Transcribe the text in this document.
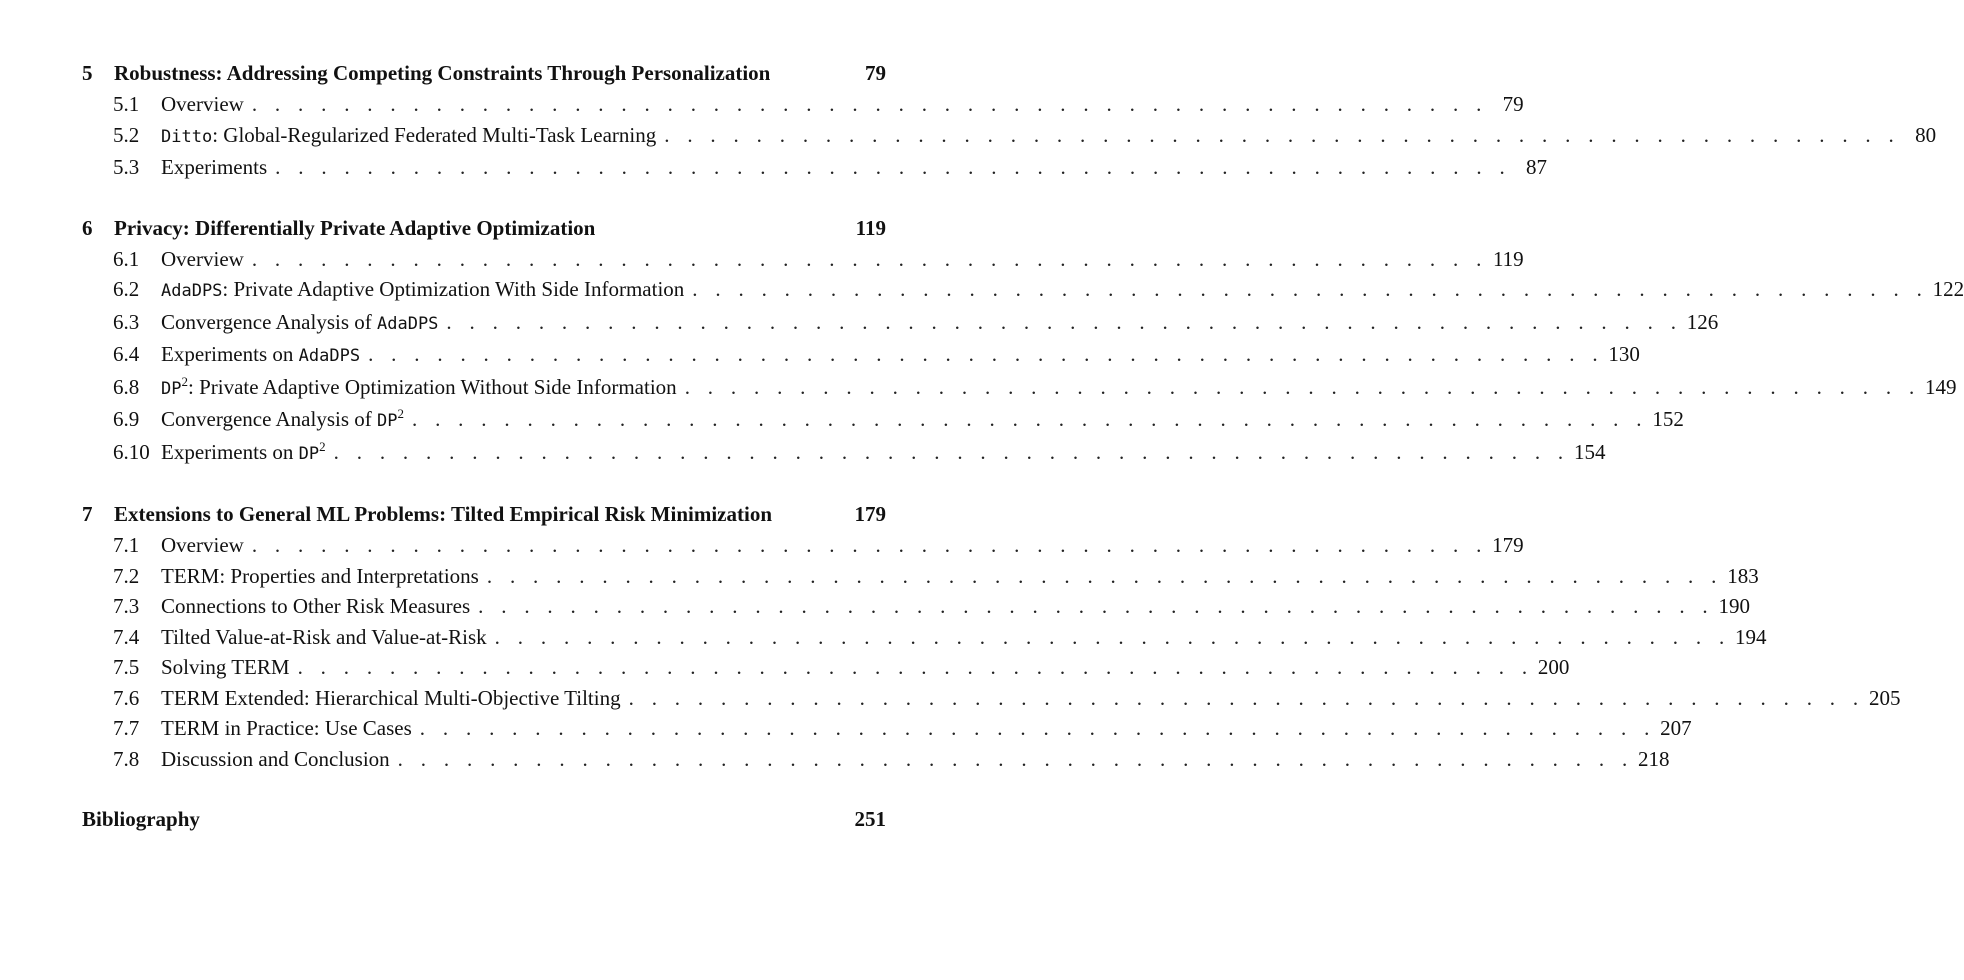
5	Robustness: Addressing Competing Constraints Through Personalization	79
5.1	Overview . . . . . . . . . . . . . . . . . . . . . . . . . . . . . . . . . . . . . . . . . . . . . . . . . . . . . . 79
5.2	Ditto: Global-Regularized Federated Multi-Task Learning . . . . . . . . . . . . . . . . . . . . . . . . . . . . . . . . . . . . . . . . . . . . . . . . . . . . . . 80
5.3	Experiments . . . . . . . . . . . . . . . . . . . . . . . . . . . . . . . . . . . . . . . . . . . . . . . . . . . . . . 87
6	Privacy: Differentially Private Adaptive Optimization	119
6.1	Overview . . . . . . . . . . . . . . . . . . . . . . . . . . . . . . . . . . . . . . . . . . . . . . . . . . . . . . 119
6.2	AdaDPS: Private Adaptive Optimization With Side Information . . . . . . . . . . . . . . . . . . . . . . . . . . . . . . . . . . . . . . . . . . . . . . . . . . . . . . 122
6.3	Convergence Analysis of AdaDPS . . . . . . . . . . . . . . . . . . . . . . . . . . . . . . . . . . . . . . . . . . . . . . . . . . . . . . 126
6.4	Experiments on AdaDPS . . . . . . . . . . . . . . . . . . . . . . . . . . . . . . . . . . . . . . . . . . . . . . . . . . . . . . 130
6.8	$DP^2$: Private Adaptive Optimization Without Side Information . . . . . . . . . . . . . . . . . . . . . . . . . . . . . . . . . . . . . . . . . . . . . . . . . . . . . . 149
6.9	Convergence Analysis of $DP^2$ . . . . . . . . . . . . . . . . . . . . . . . . . . . . . . . . . . . . . . . . . . . . . . . . . . . . . . 152
6.10 Experiments on $DP^2$ . . . . . . . . . . . . . . . . . . . . . . . . . . . . . . . . . . . . . . . . . . . . . . . . . . . . . . 154
7	Extensions to General ML Problems: Tilted Empirical Risk Minimization	179
7.1	Overview . . . . . . . . . . . . . . . . . . . . . . . . . . . . . . . . . . . . . . . . . . . . . . . . . . . . . . 179
7.2	TERM: Properties and Interpretations . . . . . . . . . . . . . . . . . . . . . . . . . . . . . . . . . . . . . . . . . . . . . . . . . . . . . . 183
7.3	Connections to Other Risk Measures . . . . . . . . . . . . . . . . . . . . . . . . . . . . . . . . . . . . . . . . . . . . . . . . . . . . . . 190
7.4	Tilted Value-at-Risk and Value-at-Risk . . . . . . . . . . . . . . . . . . . . . . . . . . . . . . . . . . . . . . . . . . . . . . . . . . . . . . 194
7.5	Solving TERM . . . . . . . . . . . . . . . . . . . . . . . . . . . . . . . . . . . . . . . . . . . . . . . . . . . . . . 200
7.6	TERM Extended: Hierarchical Multi-Objective Tilting . . . . . . . . . . . . . . . . . . . . . . . . . . . . . . . . . . . . . . . . . . . . . . . . . . . . . . 205
7.7	TERM in Practice: Use Cases . . . . . . . . . . . . . . . . . . . . . . . . . . . . . . . . . . . . . . . . . . . . . . . . . . . . . . 207
7.8	Discussion and Conclusion . . . . . . . . . . . . . . . . . . . . . . . . . . . . . . . . . . . . . . . . . . . . . . . . . . . . . . 218
Bibliography	251
